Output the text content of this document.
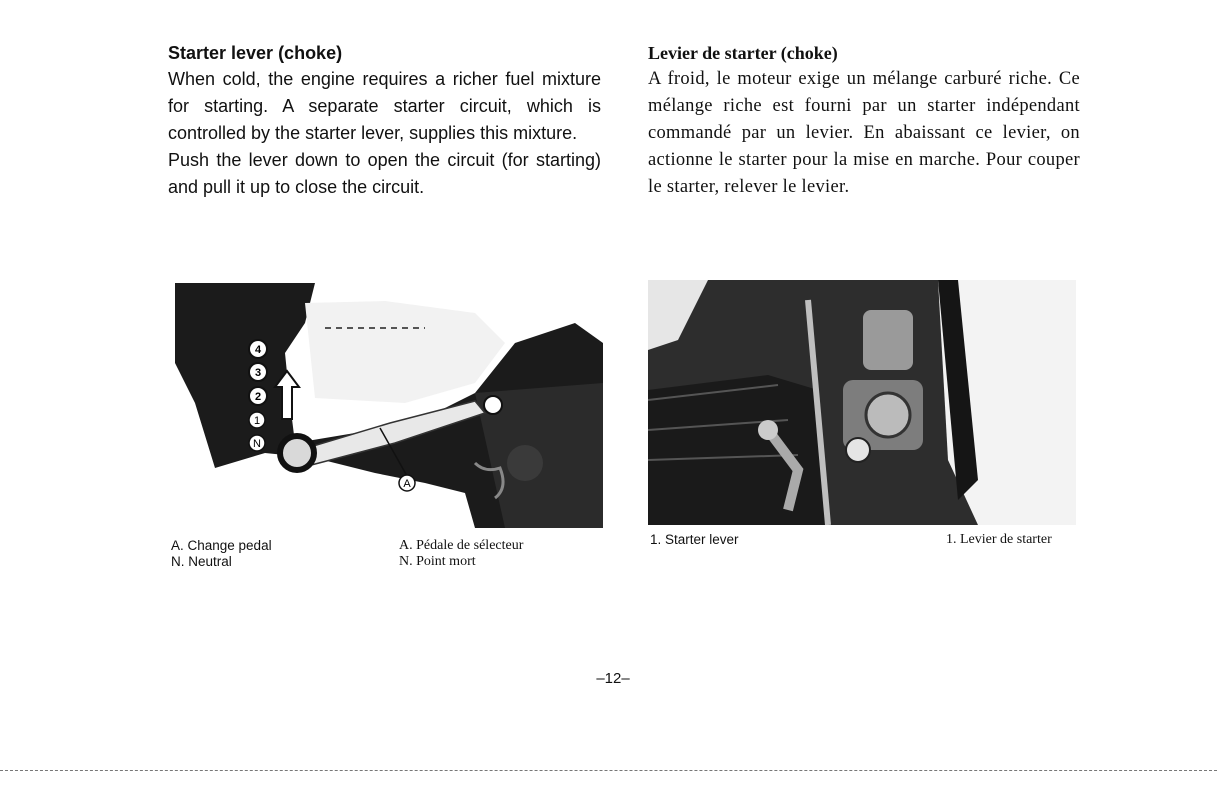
Starter lever (choke)

When cold, the engine requires a richer fuel mixture for starting. A separate starter circuit, which is controlled by the starter lever, supplies this mixture.

Push the lever down to open the circuit (for starting) and pull it up to close the circuit.

Levier de starter (choke)

A froid, le moteur exige un mélange carburé riche. Ce mélange riche est fourni par un starter indépendant commandé par un levier. En abaissant ce levier, on actionne le starter pour la mise en marche. Pour couper le starter, relever le levier.

4
3
2
1
N
A
A. Change pedal
N. Neutral
A. Pédale de sélecteur
N. Point mort
1. Starter lever	1. Levier de starter
–12–
